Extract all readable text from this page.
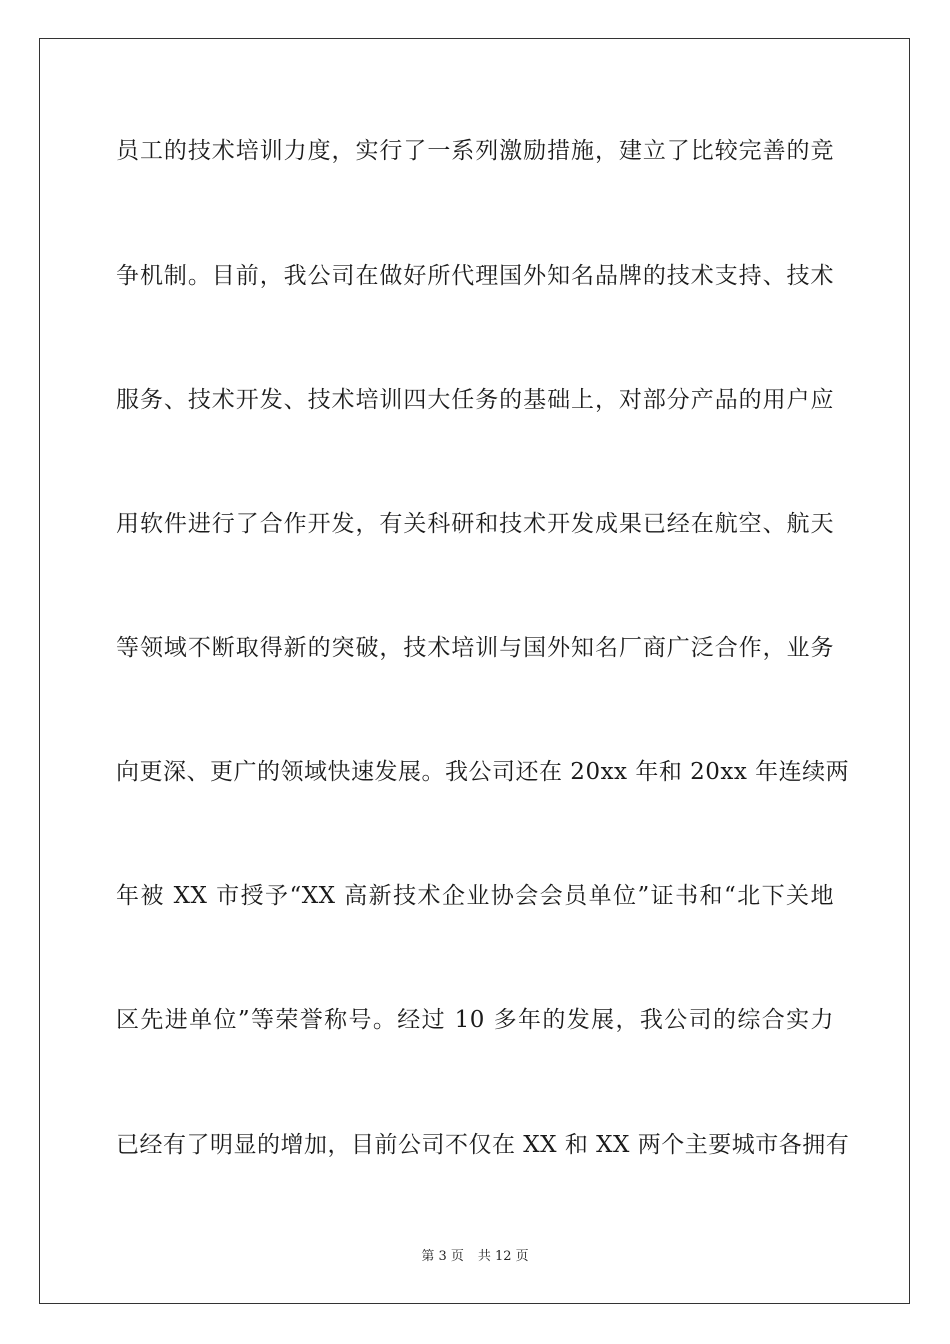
员工的技术培训力度，实行了一系列激励措施，建立了比较完善的竞
争机制。目前，我公司在做好所代理国外知名品牌的技术支持、技术
服务、技术开发、技术培训四大任务的基础上，对部分产品的用户应
用软件进行了合作开发，有关科研和技术开发成果已经在航空、航天
等领域不断取得新的突破，技术培训与国外知名厂商广泛合作，业务
向更深、更广的领域快速发展。我公司还在 20xx 年和 20xx 年连续两
年被 XX 市授予“XX 高新技术企业协会会员单位”证书和“北下关地
区先进单位”等荣誉称号。经过 10 多年的发展，我公司的综合实力
已经有了明显的增加，目前公司不仅在 XX 和 XX 两个主要城市各拥有
第 3 页 共 12 页
